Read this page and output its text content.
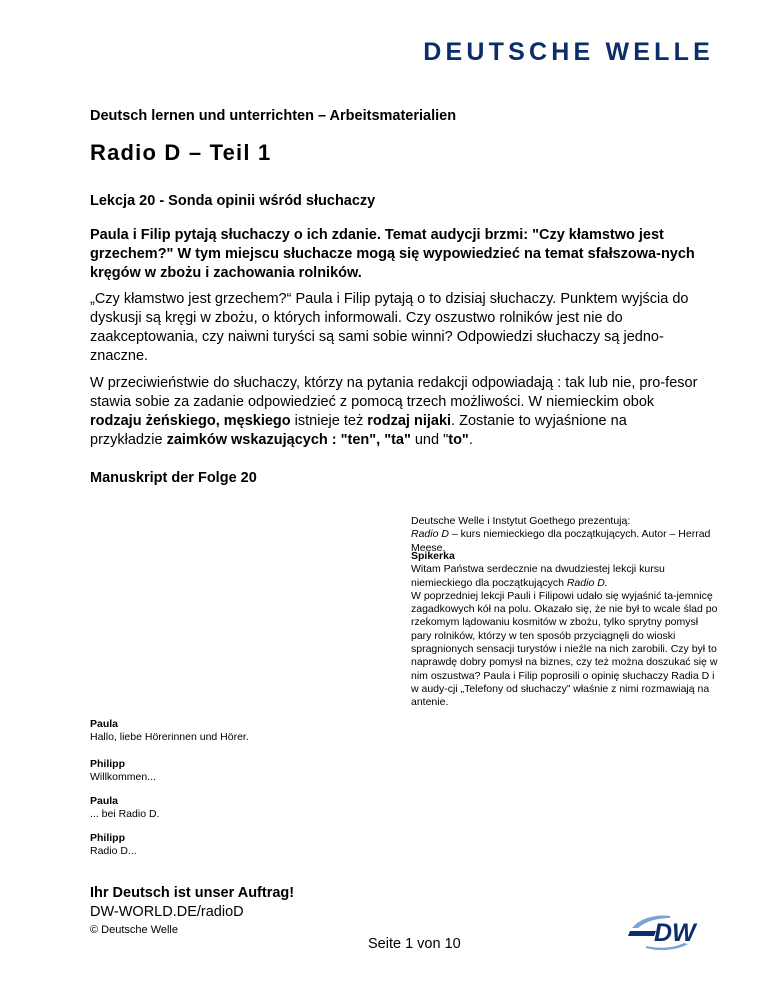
DEUTSCHE WELLE
Deutsch lernen und unterrichten – Arbeitsmaterialien
Radio D – Teil 1
Lekcja 20 - Sonda opinii wśród słuchaczy
Paula i Filip pytają słuchaczy o ich zdanie. Temat audycji brzmi: "Czy kłamstwo jest grzechem?" W tym miejscu słuchacze mogą się wypowiedzieć na temat sfałszowa-nych kręgów w zbożu i zachowania rolników.
„Czy kłamstwo jest grzechem?“ Paula i Filip pytają o to dzisiaj słuchaczy. Punktem wyjścia do dyskusji są kręgi w zbożu, o których informowali. Czy oszustwo rolników jest nie do zaakceptowania, czy naiwni turyści są sami sobie winni? Odpowiedzi słuchaczy są jedno-znaczne.
W przeciwieństwie do słuchaczy, którzy na pytania redakcji odpowiadają : tak lub nie, pro-fesor stawia sobie za zadanie odpowiedzieć z pomocą trzech możliwości. W niemieckim obok rodzaju żeńskiego, męskiego istnieje też rodzaj nijaki. Zostanie to wyjaśnione na przykładzie zaimków wskazujących : "ten", "ta" und "to".
Manuskript der Folge 20
Deutsche Welle i Instytut Goethego prezentują:
Radio D – kurs niemieckiego dla początkujących. Autor – Herrad Meese.
Spikerka
Witam Państwa serdecznie na dwudziestej lekcji kursu niemieckiego dla początkujących Radio D.
W poprzedniej lekcji Pauli i Filipowi udało się wyjaśnić ta-jemnicę zagadkowych kół na polu. Okazało się, że nie był to wcale ślad po rzekomym lądowaniu kosmitów w zbożu, tylko sprytny pomysł pary rolników, którzy w ten sposób przyciągnęli do wioski spragnionych sensacji turystów i nieźle na nich zarobili. Czy był to naprawdę dobry pomysł na biznes, czy też można doszukać się w nim oszustwa? Paula i Filip poprosili o opinię słuchaczy Radia D i w audy-cji „Telefony od słuchaczy” właśnie z nimi rozmawiają na antenie.
Paula
Hallo, liebe Hörerinnen und Hörer.
Philipp
Willkommen...
Paula
... bei Radio D.
Philipp
Radio D...
Ihr Deutsch ist unser Auftrag!
DW-WORLD.DE/radioD
© Deutsche Welle
Seite 1 von 10	DW
